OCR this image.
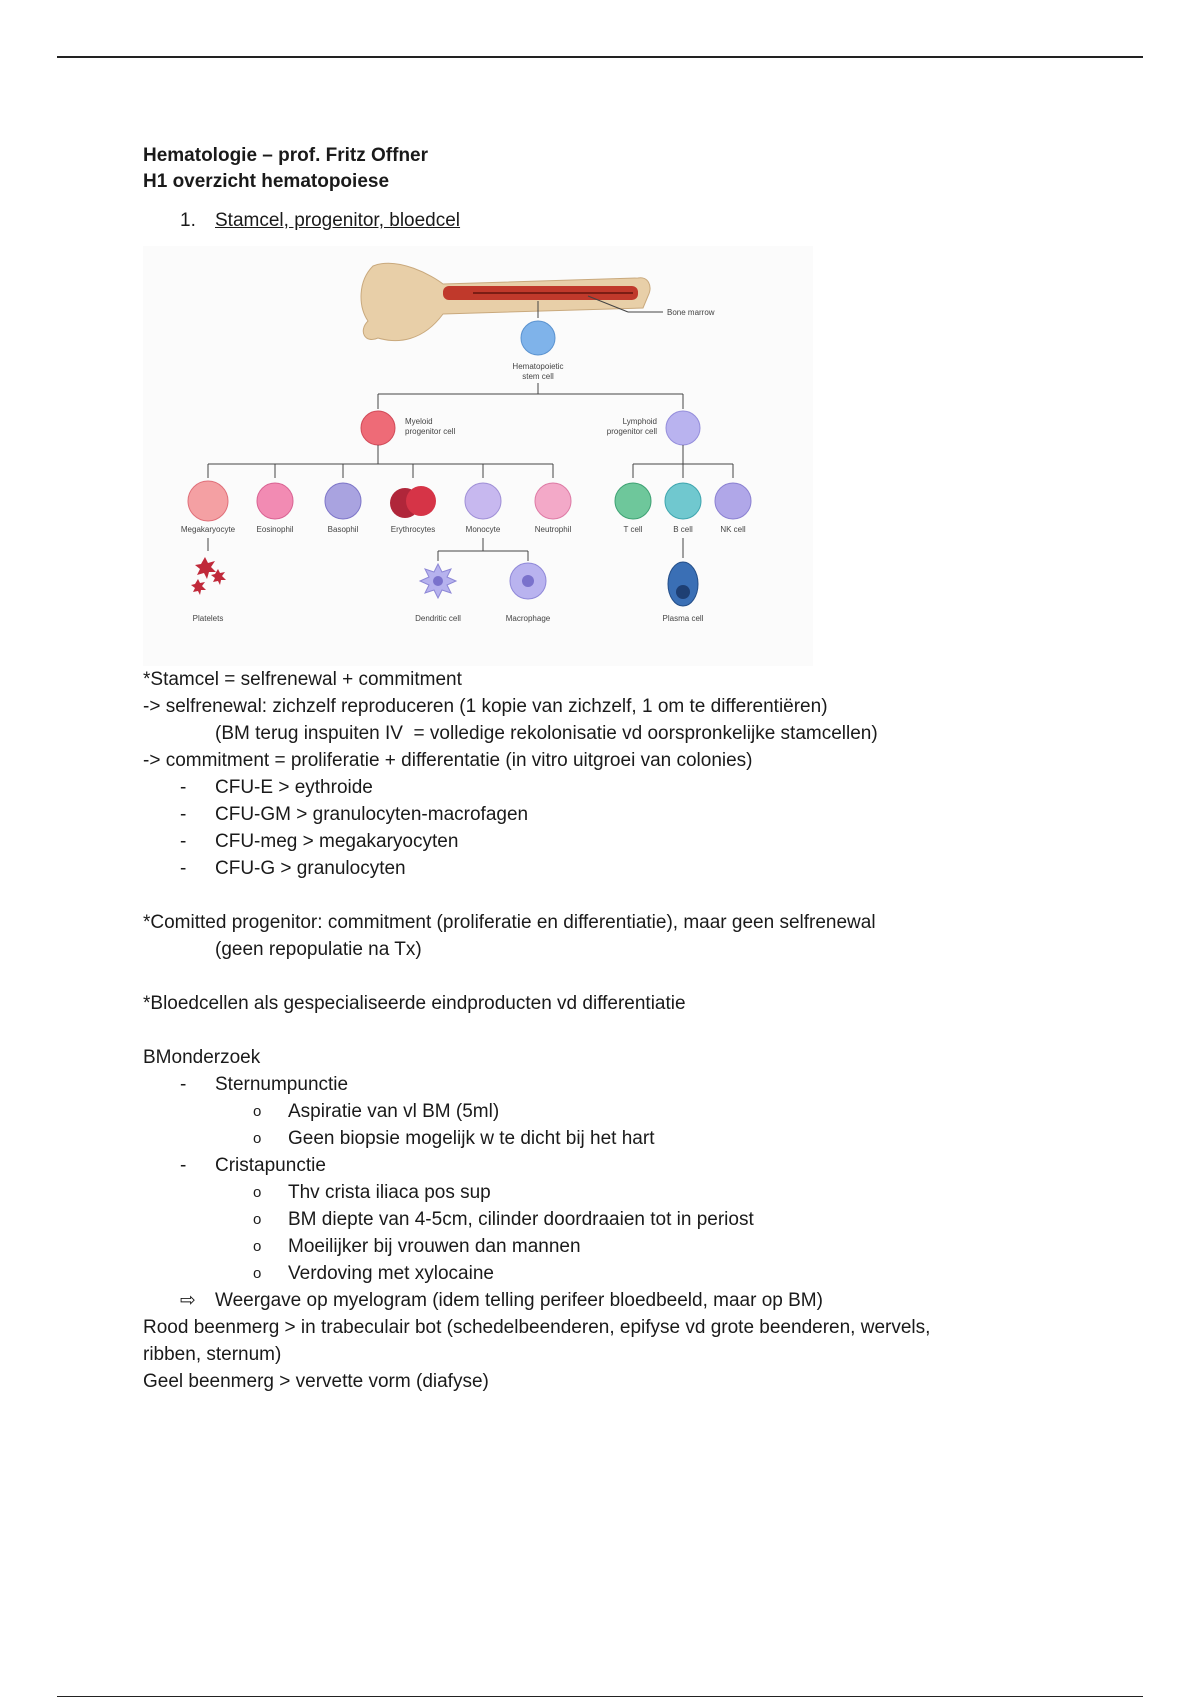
Hematologie – prof. Fritz Offner
H1 overzicht hematopoiese
1.	Stamcel, progenitor, bloedcel
Bone marrow
Hematopoietic
stem cell
Myeloid
progenitor cell
Lymphoid
progenitor cell
Megakaryocyte	Eosinophil	Basophil	Erythrocytes	Monocyte	Neutrophil	T cell	B cell	NK cell
Platelets	Dendritic cell	Macrophage	Plasma cell
*Stamcel = selfrenewal + commitment
-> selfrenewal: zichzelf reproduceren (1 kopie van zichzelf, 1 om te differentiëren)
(BM terug inspuiten IV  = volledige rekolonisatie vd oorspronkelijke stamcellen)
-> commitment = proliferatie + differentatie (in vitro uitgroei van colonies)
-	CFU-E > eythroide
-	CFU-GM > granulocyten-macrofagen
-	CFU-meg > megakaryocyten
-	CFU-G > granulocyten
*Comitted progenitor: commitment (proliferatie en differentiatie), maar geen selfrenewal
(geen repopulatie na Tx)
*Bloedcellen als gespecialiseerde eindproducten vd differentiatie
BMonderzoek
-	Sternumpunctie
o	Aspiratie van vl BM (5ml)
o	Geen biopsie mogelijk w te dicht bij het hart
-	Cristapunctie
o	Thv crista iliaca pos sup
o	BM diepte van 4-5cm, cilinder doordraaien tot in periost
o	Moeilijker bij vrouwen dan mannen
o	Verdoving met xylocaine
⇨	Weergave op myelogram (idem telling perifeer bloedbeeld, maar op BM)
Rood beenmerg > in trabeculair bot (schedelbeenderen, epifyse vd grote beenderen, wervels,
ribben, sternum)
Geel beenmerg > vervette vorm (diafyse)
